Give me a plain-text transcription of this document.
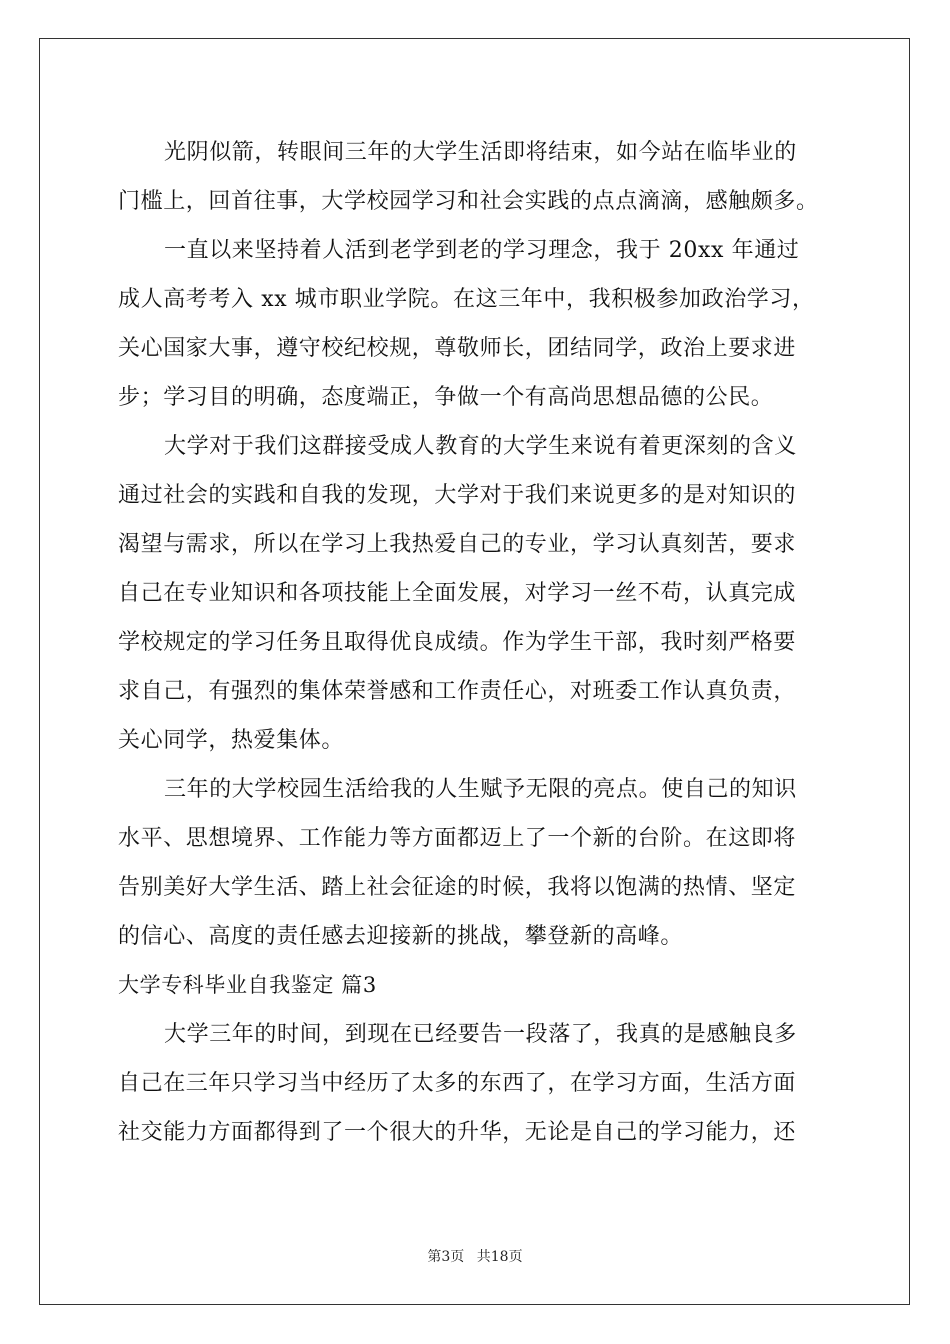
光阴似箭，转眼间三年的大学生活即将结束，如今站在临毕业的
门槛上，回首往事，大学校园学习和社会实践的点点滴滴，感触颇多。
一直以来坚持着人活到老学到老的学习理念，我于 20xx 年通过
成人高考考入 xx 城市职业学院。在这三年中，我积极参加政治学习，
关心国家大事，遵守校纪校规，尊敬师长，团结同学，政治上要求进
步；学习目的明确，态度端正，争做一个有高尚思想品德的公民。
大学对于我们这群接受成人教育的大学生来说有着更深刻的含义
通过社会的实践和自我的发现，大学对于我们来说更多的是对知识的
渴望与需求，所以在学习上我热爱自己的专业，学习认真刻苦，要求
自己在专业知识和各项技能上全面发展，对学习一丝不苟，认真完成
学校规定的学习任务且取得优良成绩。作为学生干部，我时刻严格要
求自己，有强烈的集体荣誉感和工作责任心，对班委工作认真负责，
关心同学，热爱集体。
三年的大学校园生活给我的人生赋予无限的亮点。使自己的知识
水平、思想境界、工作能力等方面都迈上了一个新的台阶。在这即将
告别美好大学生活、踏上社会征途的时候，我将以饱满的热情、坚定
的信心、高度的责任感去迎接新的挑战，攀登新的高峰。
大学专科毕业自我鉴定 篇3
大学三年的时间，到现在已经要告一段落了，我真的是感触良多
自己在三年只学习当中经历了太多的东西了，在学习方面，生活方面
社交能力方面都得到了一个很大的升华，无论是自己的学习能力，还
第3页 共18页
